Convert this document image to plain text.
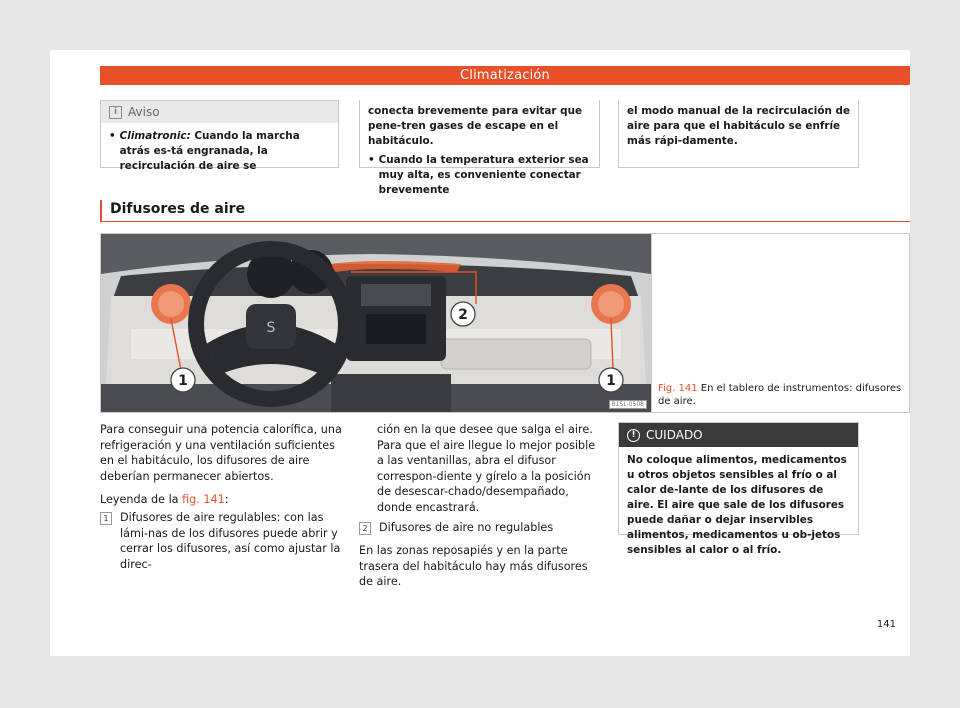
Climatización
i Aviso
• Climatronic: Cuando la marcha atrás es-tá engranada, la recirculación de aire se

conecta brevemente para evitar que pene-tren gases de escape en el habitáculo.

• Cuando la temperatura exterior sea muy alta, es conveniente conectar brevemente

el modo manual de la recirculación de aire para que el habitáculo se enfríe más rápi-damente.

Difusores de aire
S
1	1
2
B1SL-0508
Fig. 141 En el tablero de instrumentos: difusores de aire.

Para conseguir una potencia calorífica, una refrigeración y una ventilación suficientes en el habitáculo, los difusores de aire deberían permanecer abiertos.

Leyenda de la fig. 141:

1	Difusores de aire regulables: con las lámi-nas de los difusores puede abrir y cerrar los difusores, así como ajustar la direc-

ción en la que desee que salga el aire. Para que el aire llegue lo mejor posible a las ventanillas, abra el difusor correspon-diente y gírelo a la posición de desescar-chado/desempañado, donde encastrará.

2	Difusores de aire no regulables

En las zonas reposapiés y en la parte trasera del habitáculo hay más difusores de aire.

! CUIDADO

No coloque alimentos, medicamentos u otros objetos sensibles al frío o al calor de-lante de los difusores de aire. El aire que sale de los difusores puede dañar o dejar inservibles alimentos, medicamentos u ob-jetos sensibles al calor o al frío.

141
